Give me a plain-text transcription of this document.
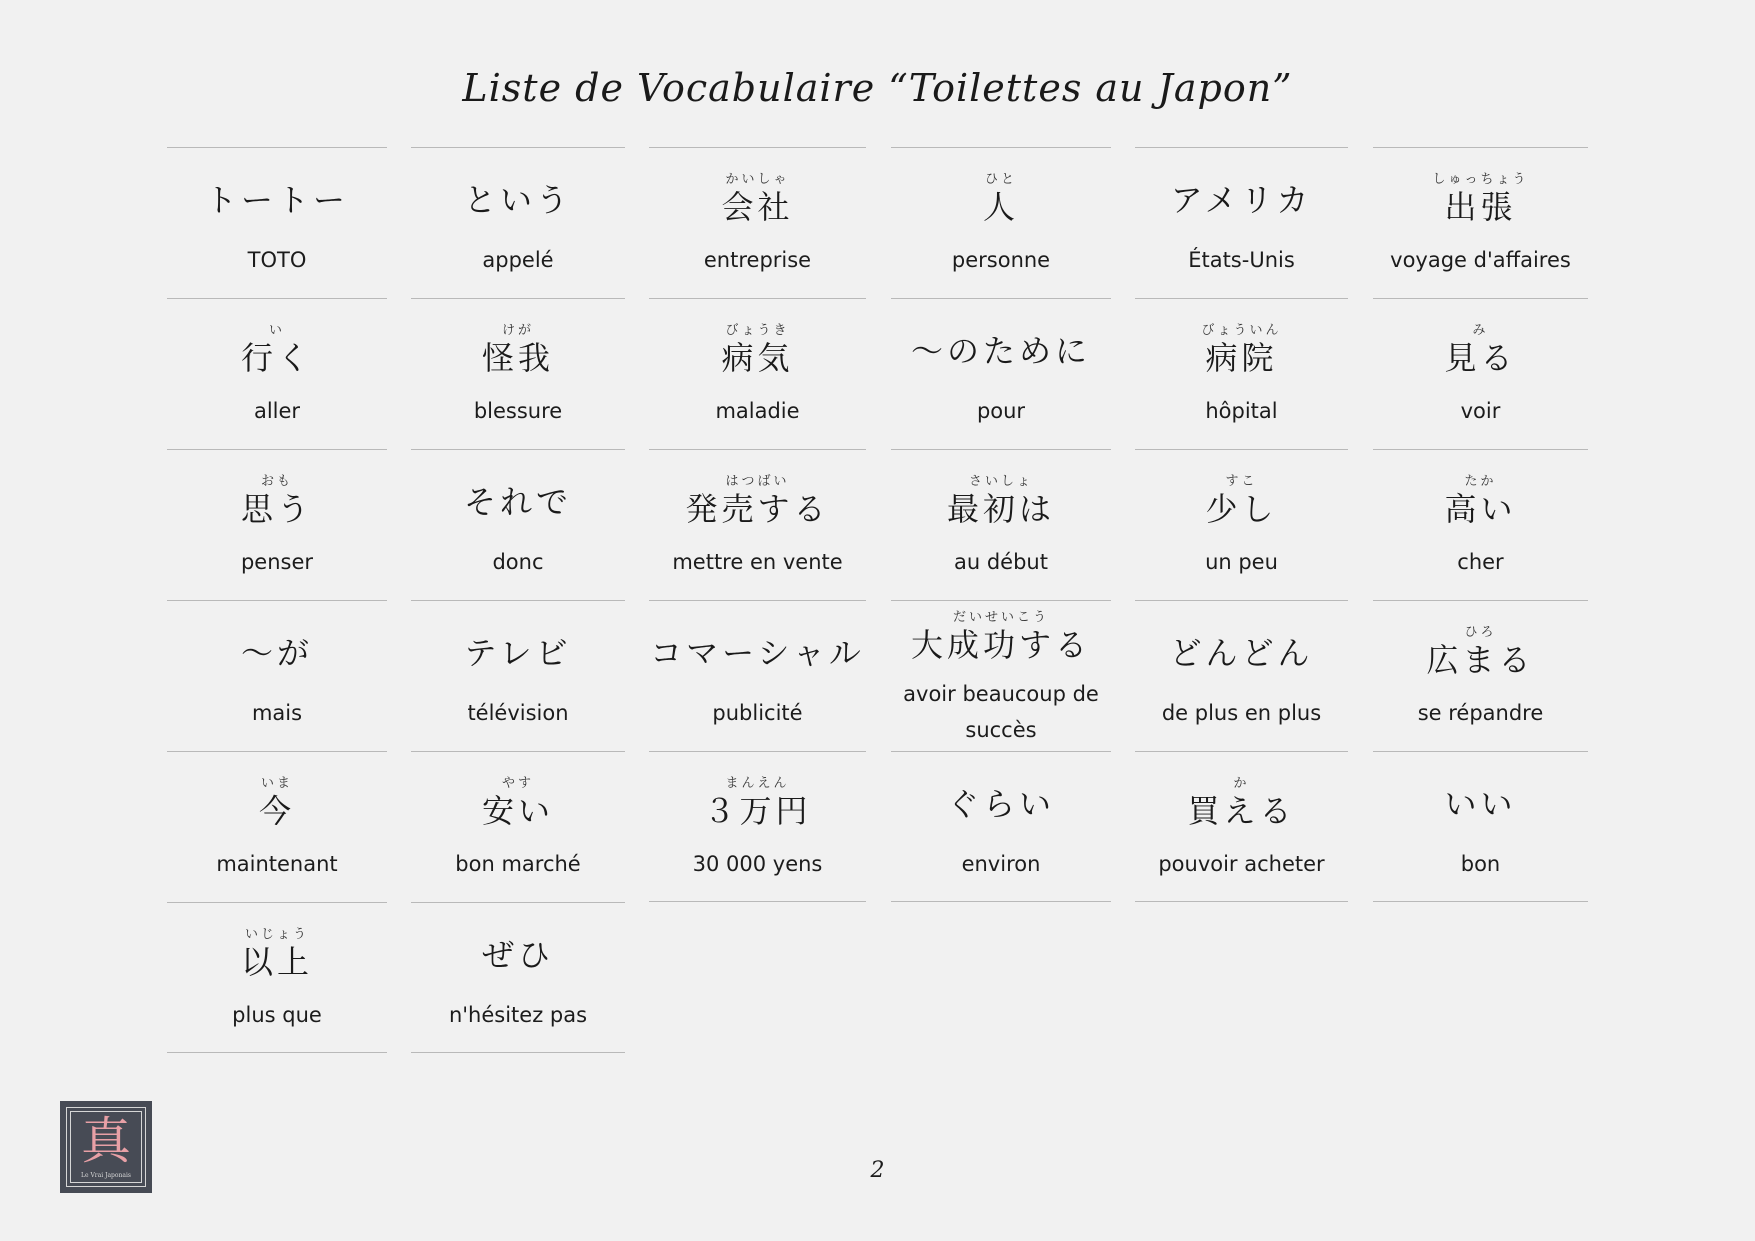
Liste de Vocabulaire “Toilettes au Japon”
トートー
TOTO
という
appelé
かいしゃ
会社
entreprise
ひと
人
personne
アメリカ
États-Unis
しゅっちょう
出張
voyage d'affaires
い
行く
aller
けが
怪我
blessure
びょうき
病気
maladie
～のために
pour
びょういん
病院
hôpital
み
見る
voir
おも
思う
penser
それで
donc
はつばい
発売する
mettre en vente
さいしょ
最初は
au début
すこ
少し
un peu
たか
高い
cher
～が
mais
テレビ
télévision
コマーシャル
publicité
だいせいこう
大成功する
avoir beaucoup de succès
どんどん
de plus en plus
ひろ
広まる
se répandre
いま
今
maintenant
やす
安い
bon marché
まんえん
３万円
30 000 yens
ぐらい
environ
か
買える
pouvoir acheter
いい
bon
いじょう
以上
plus que
ぜひ
n'hésitez pas
真
Le Vrai Japonais	2
